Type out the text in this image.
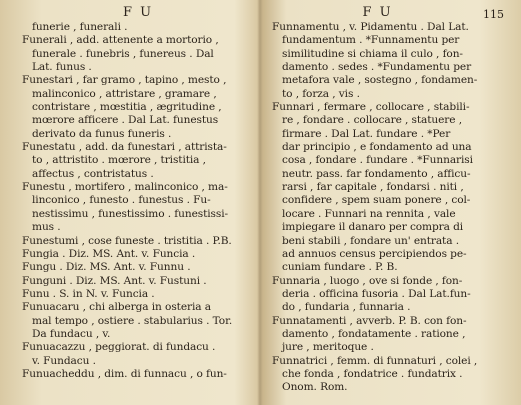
F U
funerie , funerali .
Funerali , add. attenente a mortorio ,
funerale . funebris , funereus . Dal
Lat. funus .
Funestari , far gramo , tapino , mesto ,
malinconico , attristare , gramare ,
contristare , mœstitia , ægritudine ,
mœrore afficere . Dal Lat. funestus
derivato da funus funeris .
Funestatu , add. da funestari , attrista-
to , attristito . mœrore , tristitia ,
affectus , contristatus .
Funestu , mortifero , malinconico , ma-
linconico , funesto . funestus . Fu-
nestissimu , funestissimo . funestissi-
mus .
Funestumi , cose funeste . tristitia . P.B.
Fungia . Diz. MS. Ant. v. Funcia .
Fungu . Diz. MS. Ant. v. Funnu .
Funguni . Diz. MS. Ant. v. Fustuni .
Funu . S. in N. v. Funcia .
Funuacaru , chi alberga in osteria a
mal tempo , ostiere . stabularius . Tor.
Da fundacu , v.
Funuacazzu , peggiorat. di fundacu .
v. Fundacu .
Funuacheddu , dim. di funnacu , o fun-
F U	115
Funnamentu , v. Pidamentu . Dal Lat.
fundamentum . *Funnamentu per
similitudine si chiama il culo , fon-
damento . sedes . *Fundamentu per
metafora vale , sostegno , fondamen-
to , forza , vis .
Funnari , fermare , collocare , stabili-
re , fondare . collocare , statuere ,
firmare . Dal Lat. fundare . *Per
dar principio , e fondamento ad una
cosa , fondare . fundare . *Funnarisi
neutr. pass. far fondamento , afficu-
rarsi , far capitale , fondarsi . niti ,
confidere , spem suam ponere , col-
locare . Funnari na rennita , vale
impiegare il danaro per compra di
beni stabili , fondare un' entrata .
ad annuos census percipiendos pe-
cuniam fundare . P. B.
Funnaria , luogo , ove si fonde , fon-
deria . officina fusoria . Dal Lat.fun-
do , fundaria , funnaria .
Funnatamenti , avverb. P. B. con fon-
damento , fondatamente . ratione ,
jure , meritoque .
Funnatrici , femm. di funnaturi , colei ,
che fonda , fondatrice . fundatrix .
Onom. Rom.
